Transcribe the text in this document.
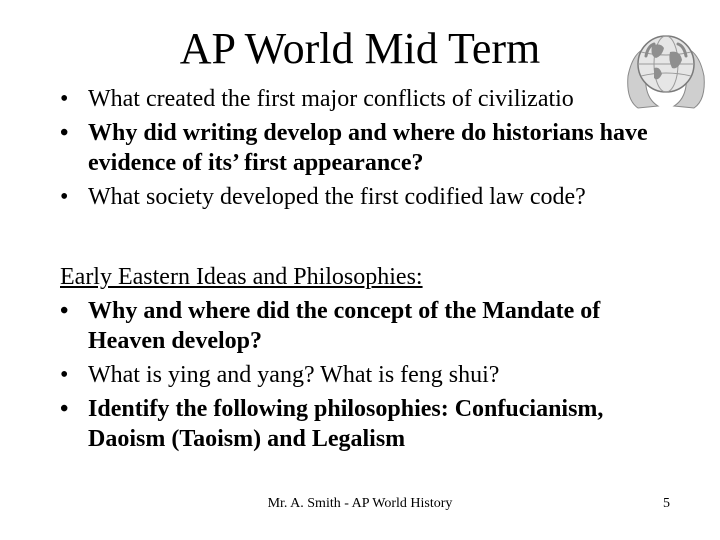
AP World Mid Term
• What created the first major conflicts of civilizatio
• Why did writing develop and where do historians have evidence of its’ first appearance?
• What society developed the first codified law code?
Early Eastern Ideas and Philosophies:
• Why and where did the concept of the Mandate of Heaven develop?
• What is ying and yang? What is feng shui?
• Identify the following philosophies: Confucianism, Daoism (Taoism) and Legalism
Mr. A. Smith - AP World History	5
